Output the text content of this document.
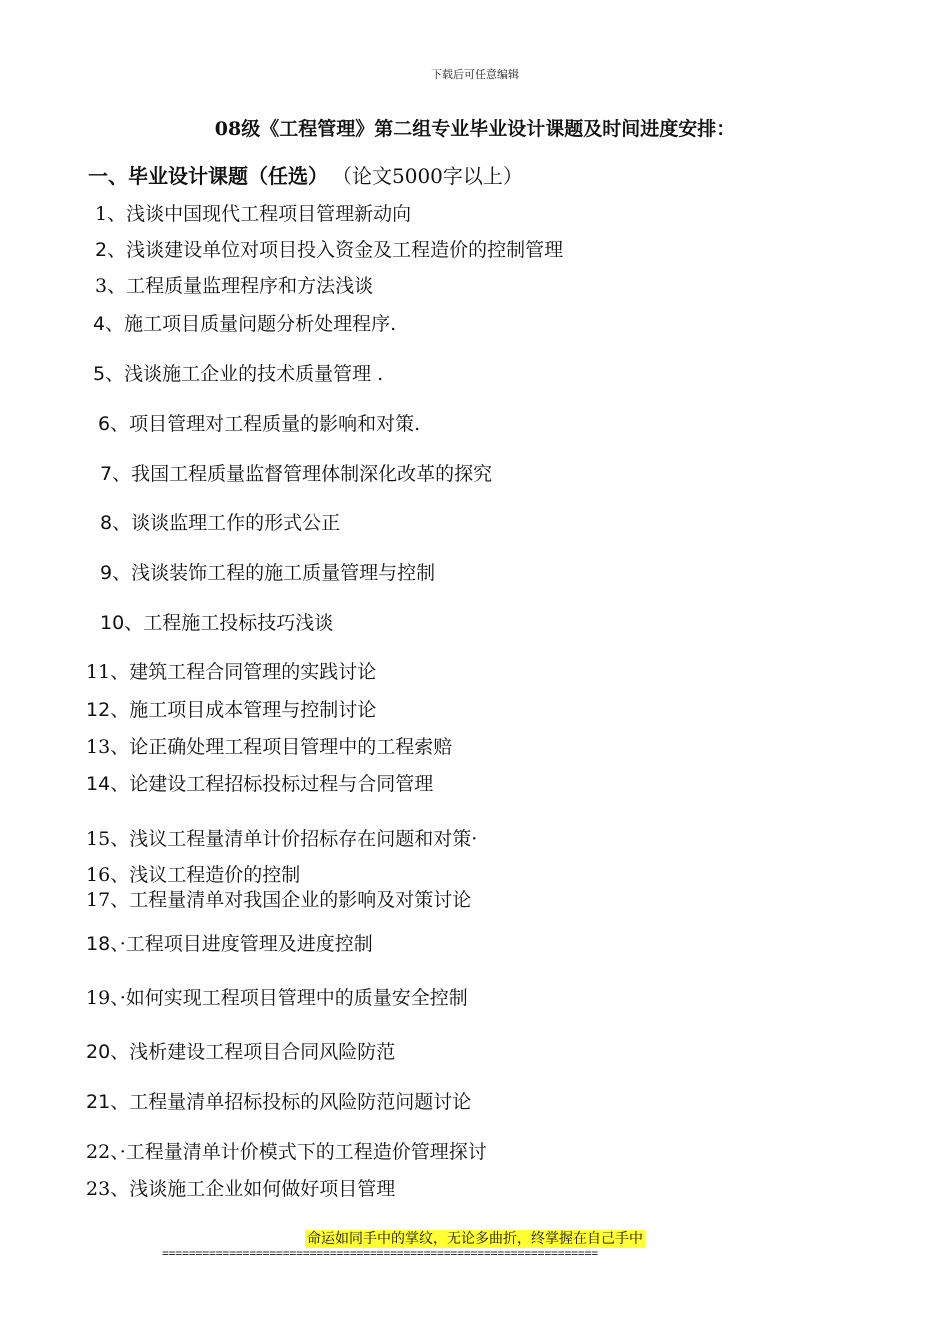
下载后可任意编辑
08级《工程管理》第二组专业毕业设计课题及时间进度安排：
一、毕业设计课题（任选） （论文5000字以上）
1、浅谈中国现代工程项目管理新动向
2、浅谈建设单位对项目投入资金及工程造价的控制管理
3、工程质量监理程序和方法浅谈
4、施工项目质量问题分析处理程序.
5、浅谈施工企业的技术质量管理 .
6、项目管理对工程质量的影响和对策.
7、我国工程质量监督管理体制深化改革的探究
8、谈谈监理工作的形式公正
9、浅谈装饰工程的施工质量管理与控制
10、工程施工投标技巧浅谈
11、建筑工程合同管理的实践讨论
12、施工项目成本管理与控制讨论
13、论正确处理工程项目管理中的工程索赔
14、论建设工程招标投标过程与合同管理
15、浅议工程量清单计价招标存在问题和对策·
16、浅议工程造价的控制
17、工程量清单对我国企业的影响及对策讨论
18、·工程项目进度管理及进度控制
19、·如何实现工程项目管理中的质量安全控制
20、浅析建设工程项目合同风险防范
21、工程量清单招标投标的风险防范问题讨论
22、·工程量清单计价模式下的工程造价管理探讨
23、浅谈施工企业如何做好项目管理
命运如同手中的掌纹，无论多曲折，终掌握在自己手中
=================================================================
